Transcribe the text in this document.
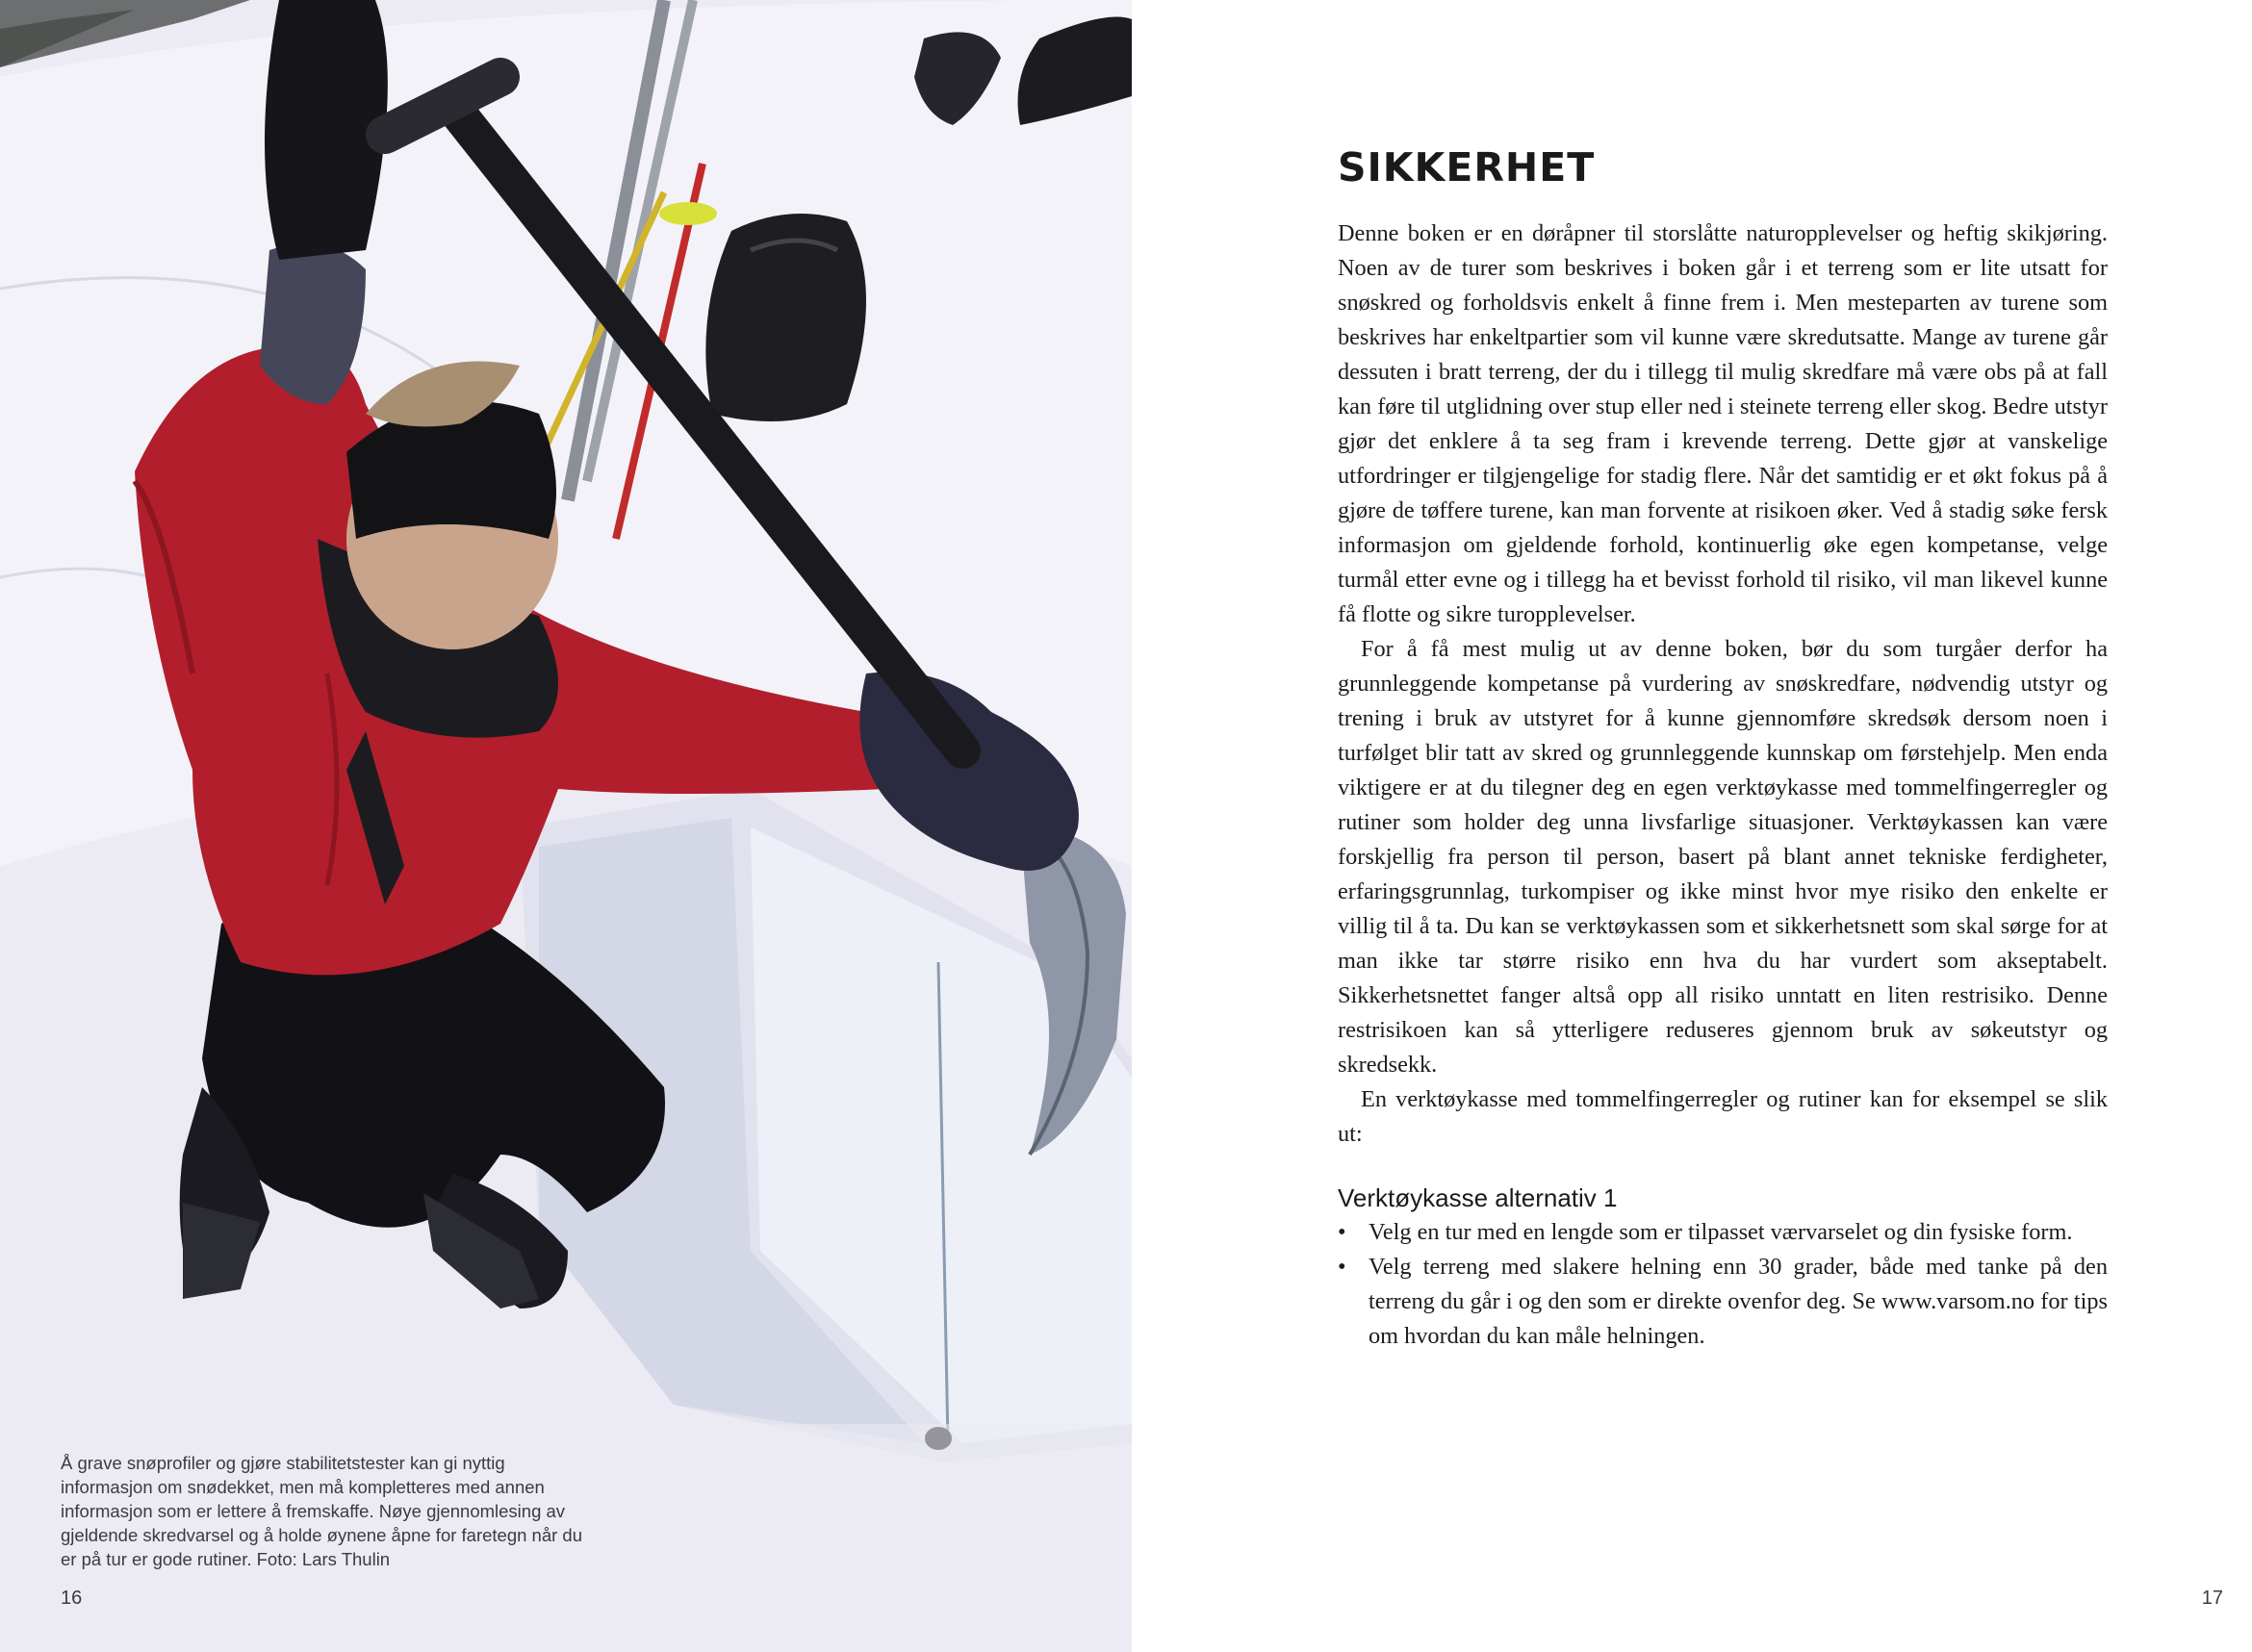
Å grave snøprofiler og gjøre stabilitetstester kan gi nyttig informasjon om snødekket, men må kompletteres med annen informasjon som er lettere å fremskaffe. Nøye gjennomlesing av gjeldende skredvarsel og å holde øynene åpne for faretegn når du er på tur er gode rutiner. Foto: Lars Thulin

16
SIKKERHET

Denne boken er en døråpner til storslåtte naturopplevelser og heftig skikjøring. Noen av de turer som beskrives i boken går i et terreng som er lite utsatt for snøskred og forholdsvis enkelt å finne frem i. Men mesteparten av turene som beskrives har enkeltpartier som vil kunne være skredutsatte. Mange av turene går dessuten i bratt terreng, der du i tillegg til mulig skredfare må være obs på at fall kan føre til utglidning over stup eller ned i steinete terreng eller skog. Bedre utstyr gjør det enklere å ta seg fram i krevende terreng. Dette gjør at vanskelige utfordringer er tilgjengelige for stadig flere. Når det samtidig er et økt fokus på å gjøre de tøffere turene, kan man forvente at risikoen øker. Ved å stadig søke fersk informasjon om gjeldende forhold, kontinuerlig øke egen kompetanse, velge turmål etter evne og i tillegg ha et bevisst forhold til risiko, vil man likevel kunne få flotte og sikre turopplevelser.

For å få mest mulig ut av denne boken, bør du som turgåer derfor ha grunnleggende kompetanse på vurdering av snøskredfare, nødvendig utstyr og trening i bruk av utstyret for å kunne gjennomføre skredsøk dersom noen i turfølget blir tatt av skred og grunnleggende kunnskap om førstehjelp. Men enda viktigere er at du tilegner deg en egen verktøykasse med tommelfingerregler og rutiner som holder deg unna livsfarlige situasjoner. Verktøykassen kan være forskjellig fra person til person, basert på blant annet tekniske ferdigheter, erfaringsgrunnlag, turkompiser og ikke minst hvor mye risiko den enkelte er villig til å ta. Du kan se verktøykassen som et sikkerhetsnett som skal sørge for at man ikke tar større risiko enn hva du har vurdert som akseptabelt. Sikkerhetsnettet fanger altså opp all risiko unntatt en liten restrisiko. Denne restrisikoen kan så ytterligere reduseres gjennom bruk av søkeutstyr og skredsekk.

En verktøykasse med tommelfingerregler og rutiner kan for eksempel se slik ut:

Verktøykasse alternativ 1
• Velg en tur med en lengde som er tilpasset værvarselet og din fysiske form.
• Velg terreng med slakere helning enn 30 grader, både med tanke på den terreng du går i og den som er direkte ovenfor deg. Se www.varsom.no for tips om hvordan du kan måle helningen.
17
